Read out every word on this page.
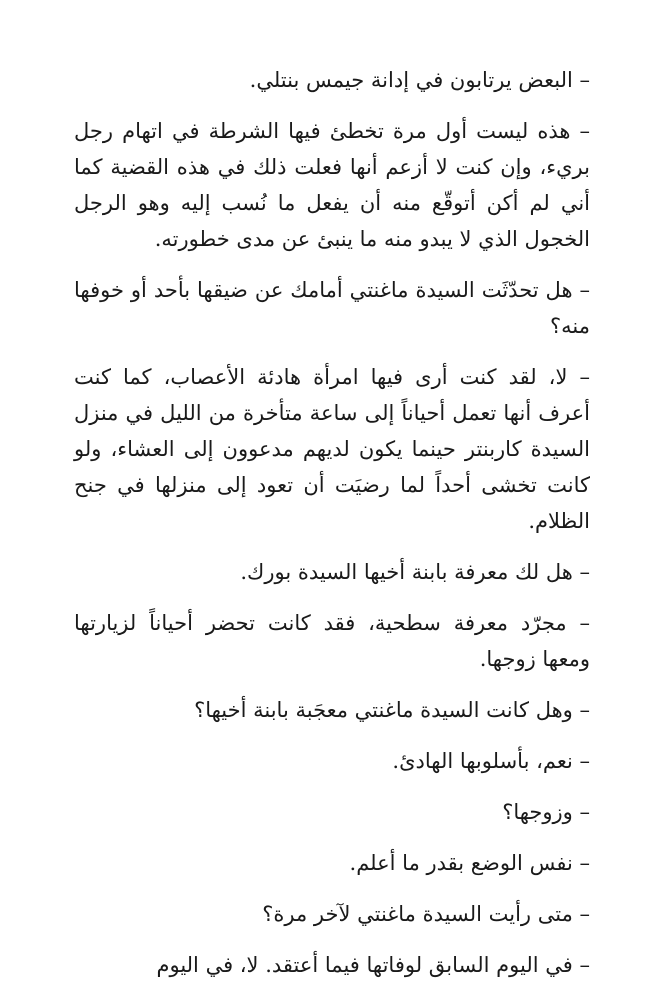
– البعض يرتابون في إدانة جيمس بنتلي.

– هذه ليست أول مرة تخطئ فيها الشرطة في اتهام رجل بريء، وإن كنت لا أزعم أنها فعلت ذلك في هذه القضية كما أني لم أكن أتوقّع منه أن يفعل ما نُسب إليه وهو الرجل الخجول الذي لا يبدو منه ما ينبئ عن مدى خطورته.

– هل تحدّثَت السيدة ماغنتي أمامك عن ضيقها بأحد أو خوفها منه؟

– لا، لقد كنت أرى فيها امرأة هادئة الأعصاب، كما كنت أعرف أنها تعمل أحياناً إلى ساعة متأخرة من الليل في منزل السيدة كاربنتر حينما يكون لديهم مدعوون إلى العشاء، ولو كانت تخشى أحداً لما رضيَت أن تعود إلى منزلها في جنح الظلام.

– هل لك معرفة بابنة أخيها السيدة بورك.

– مجرّد معرفة سطحية، فقد كانت تحضر أحياناً لزيارتها ومعها زوجها.

– وهل كانت السيدة ماغنتي معجَبة بابنة أخيها؟

– نعم، بأسلوبها الهادئ.

– وزوجها؟

– نفس الوضع بقدر ما أعلم.

– متى رأيت السيدة ماغنتي لآخر مرة؟

– في اليوم السابق لوفاتها فيما أعتقد. لا، في اليوم
